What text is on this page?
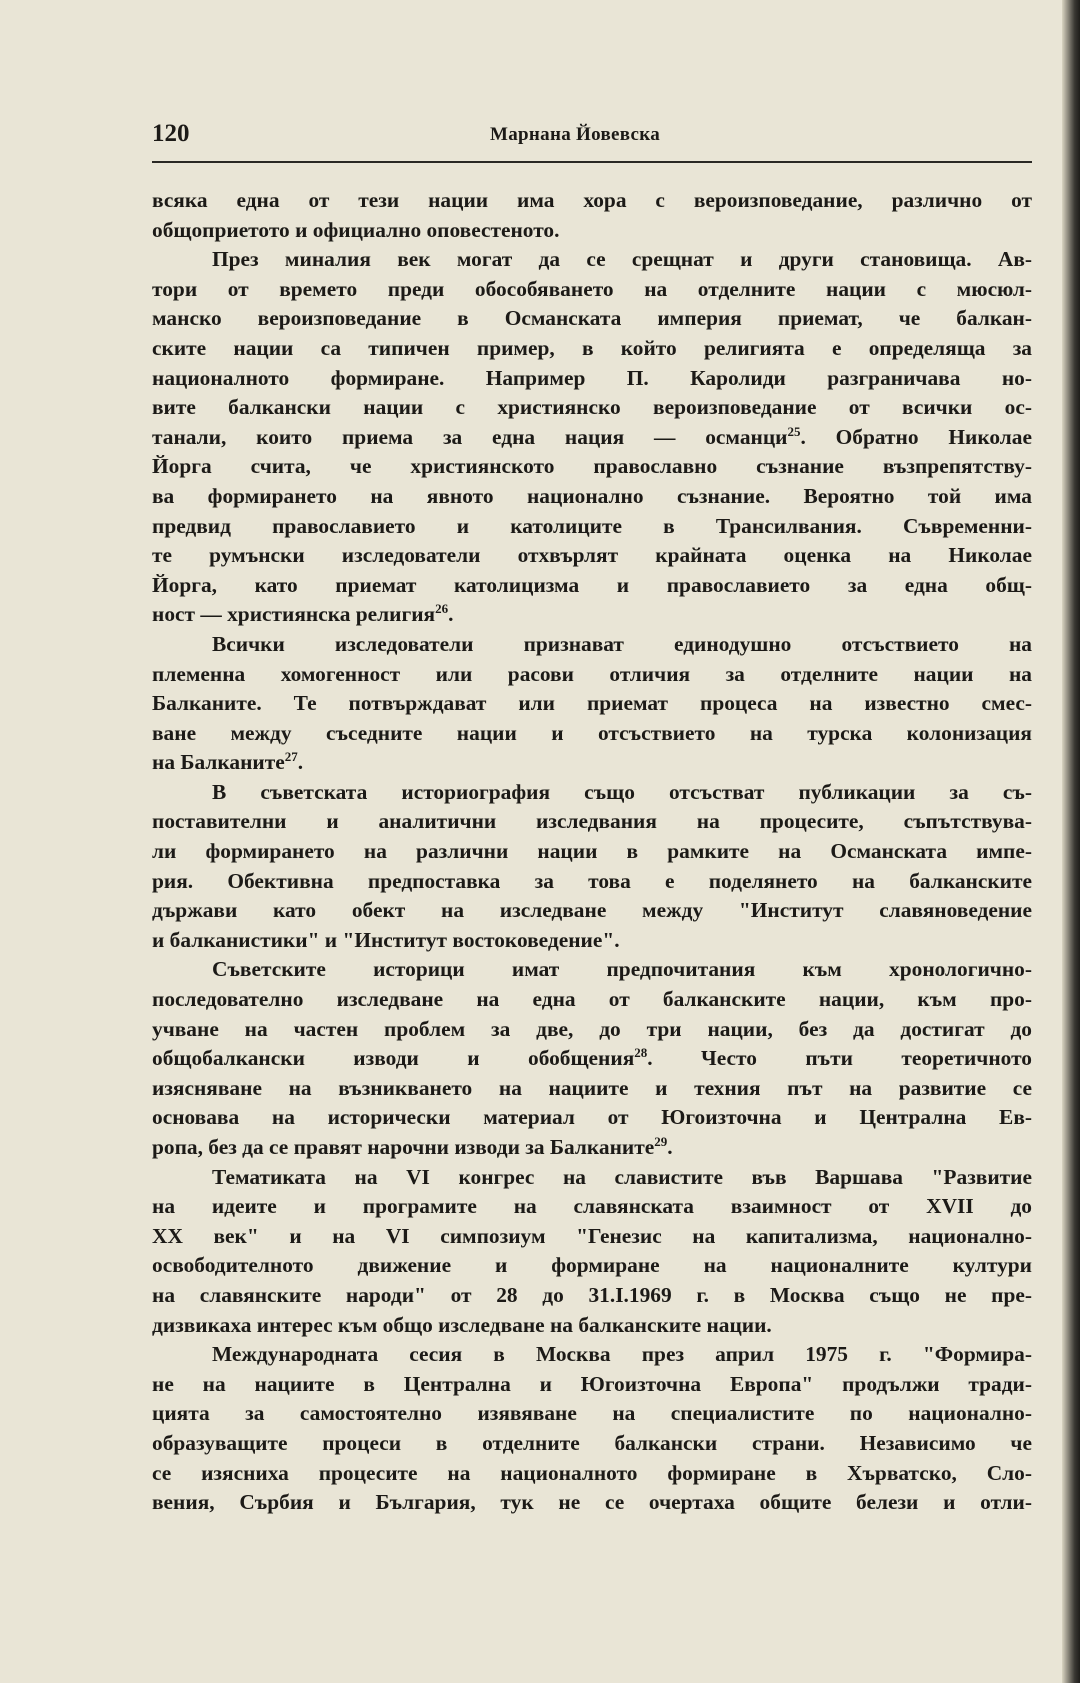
120	Марнана Йовевска
всяка една от тези нации има хора с вероизповедание, различно от
общоприетото и официално оповестеното.
През миналия век могат да се срещнат и други становища. Ав-
тори от времето преди обособяването на отделните нации с мюсюл-
манско вероизповедание в Османската империя приемат, че балкан-
ските нации са типичен пример, в който религията е определяща за
националното формиране. Например П. Каролиди разграничава но-
вите балкански нации с християнско вероизповедание от всички ос-
танали, които приема за една нация — османци$^{25}$. Обратно Николае
Йорга счита, че християнското православно съзнание възпрепятству-
ва формирането на явното национално съзнание. Вероятно той има
предвид православието и католиците в Трансилвания. Съвременни-
те румънски изследователи отхвърлят крайната оценка на Николае
Йорга, като приемат католицизма и православието за една общ-
ност — християнска религия$^{26}$.
Всички изследователи признават единодушно отсъствието на
племенна хомогенност или расови отличия за отделните нации на
Балканите. Те потвърждават или приемат процеса на известно смес-
ване между съседните нации и отсъствието на турска колонизация
на Балканите$^{27}$.
В съветската историография също отсъстват публикации за съ-
поставителни и аналитични изследвания на процесите, съпътствува-
ли формирането на различни нации в рамките на Османската импе-
рия. Обективна предпоставка за това е поделянето на балканските
държави като обект на изследване между "Институт славяноведение
и балканистики" и "Институт востоковедение".
Съветските историци имат предпочитания към хронологично-
последователно изследване на една от балканските нации, към про-
учване на частен проблем за две, до три нации, без да достигат до
общобалкански изводи и обобщения$^{28}$. Често пъти теоретичното
изясняване на възникването на нациите и техния път на развитие се
основава на исторически материал от Югоизточна и Централна Ев-
ропа, без да се правят нарочни изводи за Балканите$^{29}$.
Тематиката на VI конгрес на славистите във Варшава "Развитие
на идеите и програмите на славянската взаимност от XVII до
XX век" и на VI симпозиум "Генезис на капитализма, национално-
освободителното движение и формиране на националните култури
на славянските народи" от 28 до 31.I.1969 г. в Москва също не пре-
дизвикаха интерес към общо изследване на балканските нации.
Международната сесия в Москва през април 1975 г. "Формира-
не на нациите в Централна и Югоизточна Европа" продължи тради-
цията за самостоятелно изявяване на специалистите по национално-
образуващите процеси в отделните балкански страни. Независимо че
се изясниха процесите на националното формиране в Хърватско, Сло-
вения, Сърбия и България, тук не се очертаха общите белези и отли-
